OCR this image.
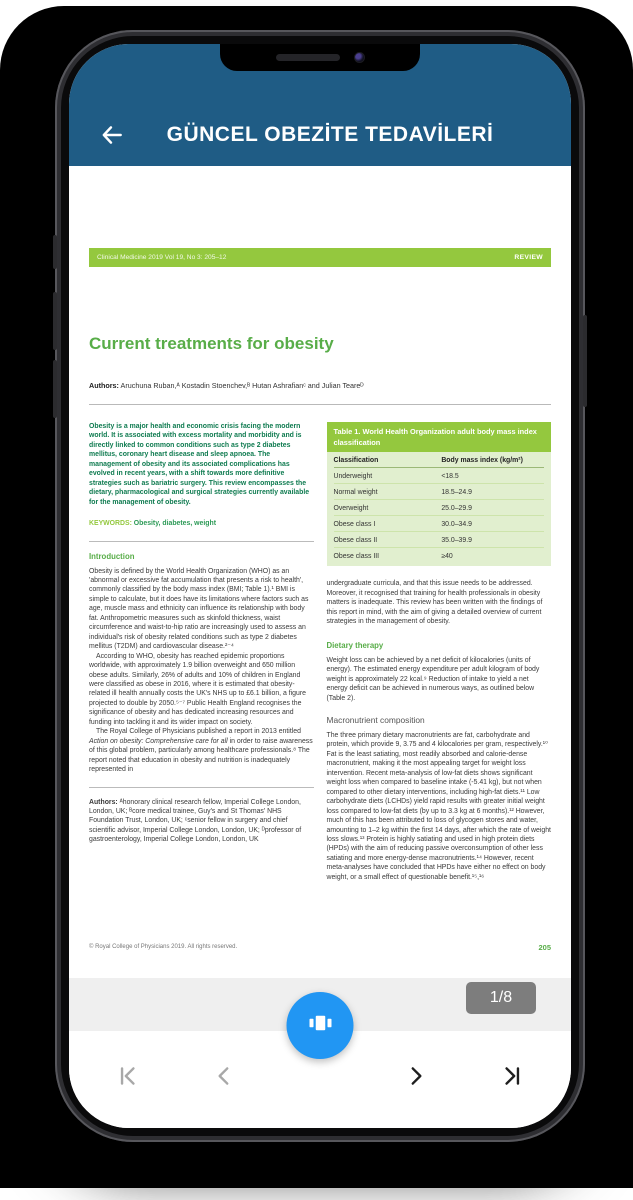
GÜNCEL OBEZİTE TEDAVİLERİ
Clinical Medicine 2019 Vol 19, No 3: 205–12	REVIEW
Current treatments for obesity
Authors: Aruchuna Ruban,ᴬ Kostadin Stoenchev,ᴮ Hutan Ashrafianᶜ and Julian Teareᴰ
Obesity is a major health and economic crisis facing the modern world. It is associated with excess mortality and morbidity and is directly linked to common conditions such as type 2 diabetes mellitus, coronary heart disease and sleep apnoea. The management of obesity and its associated complications has evolved in recent years, with a shift towards more definitive strategies such as bariatric surgery. This review encompasses the dietary, pharmacological and surgical strategies currently available for the management of obesity.
KEYWORDS: Obesity, diabetes, weight
Introduction

Obesity is defined by the World Health Organization (WHO) as an 'abnormal or excessive fat accumulation that presents a risk to health', commonly classified by the body mass index (BMI; Table 1).¹ BMI is simple to calculate, but it does have its limitations where factors such as age, muscle mass and ethnicity can influence its relationship with body fat. Anthropometric measures such as skinfold thickness, waist circumference and waist-to-hip ratio are increasingly used to assess an individual's risk of obesity related conditions such as type 2 diabetes mellitus (T2DM) and cardiovascular disease.²⁻⁴

According to WHO, obesity has reached epidemic proportions worldwide, with approximately 1.9 billion overweight and 650 million obese adults. Similarly, 26% of adults and 10% of children in England were classified as obese in 2016, where it is estimated that obesity-related ill health annually costs the UK's NHS up to £6.1 billion, a figure projected to double by 2050.⁵⁻⁷ Public Health England recognises the significance of obesity and has dedicated increasing resources and funding into tackling it and its wider impact on society.

The Royal College of Physicians published a report in 2013 entitled Action on obesity: Comprehensive care for all in order to raise awareness of this global problem, particularly among healthcare professionals.⁸ The report noted that education in obesity and nutrition is inadequately represented in

Authors: ᴬhonorary clinical research fellow, Imperial College London, London, UK; ᴮcore medical trainee, Guy's and St Thomas' NHS Foundation Trust, London, UK; ᶜsenior fellow in surgery and chief scientific advisor, Imperial College London, London, UK; ᴰprofessor of gastroenterology, Imperial College London, London, UK
Table 1. World Health Organization adult body mass index classification
Classification	Body mass index (kg/m²)
Underweight	<18.5
Normal weight	18.5–24.9
Overweight	25.0–29.9
Obese class I	30.0–34.9
Obese class II	35.0–39.9
Obese class III	≥40

undergraduate curricula, and that this issue needs to be addressed. Moreover, it recognised that training for health professionals in obesity matters is inadequate. This review has been written with the findings of this report in mind, with the aim of giving a detailed overview of current strategies in the management of obesity.

Dietary therapy

Weight loss can be achieved by a net deficit of kilocalories (units of energy). The estimated energy expenditure per adult kilogram of body weight is approximately 22 kcal.⁹ Reduction of intake to yield a net energy deficit can be achieved in numerous ways, as outlined below (Table 2).

Macronutrient composition

The three primary dietary macronutrients are fat, carbohydrate and protein, which provide 9, 3.75 and 4 kilocalories per gram, respectively.¹⁰ Fat is the least satiating, most readily absorbed and calorie-dense macronutrient, making it the most appealing target for weight loss intervention. Recent meta-analysis of low-fat diets shows significant weight loss when compared to baseline intake (-5.41 kg), but not when compared to other dietary interventions, including high-fat diets.¹¹ Low carbohydrate diets (LCHDs) yield rapid results with greater initial weight loss compared to low-fat diets (by up to 3.3 kg at 6 months).¹² However, much of this has been attributed to loss of glycogen stores and water, amounting to 1–2 kg within the first 14 days, after which the rate of weight loss slows.¹³ Protein is highly satiating and used in high protein diets (HPDs) with the aim of reducing passive overconsumption of other less satiating and more energy-dense macronutrients.¹⁴ However, recent meta-analyses have concluded that HPDs have either no effect on body weight, or a small effect of questionable benefit.¹⁵,¹⁶

© Royal College of Physicians 2019. All rights reserved.	205
1/8
